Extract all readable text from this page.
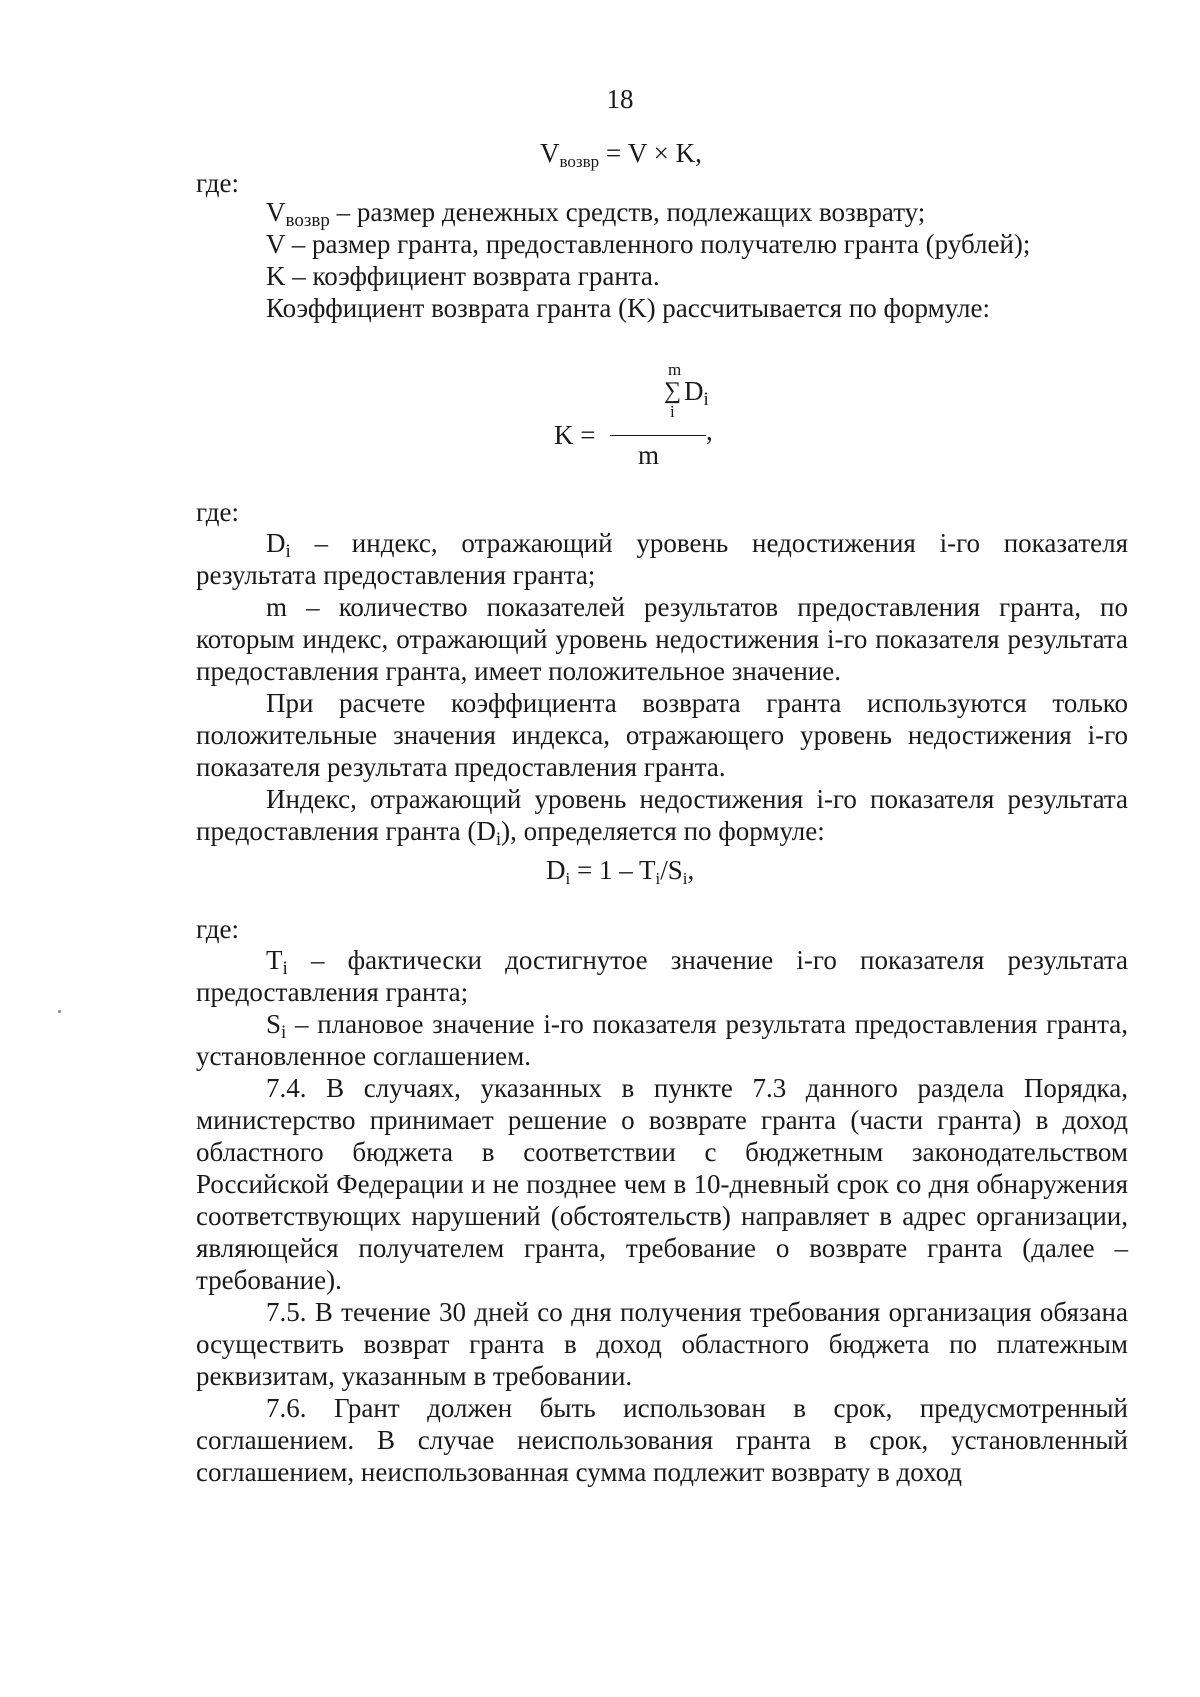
18
$V_{возвр} = V \times K$,
где:

$V_{возвр}$ – размер денежных средств, подлежащих возврату;

V – размер гранта, предоставленного получателю гранта (рублей);

K – коэффициент возврата гранта.

Коэффициент возврата гранта (K) рассчитывается по формуле:

m
∑ $D_i$
i
K =	,
m
где:

$D_i$ – индекс, отражающий уровень недостижения i-го показателя результата предоставления гранта;

m – количество показателей результатов предоставления гранта, по которым индекс, отражающий уровень недостижения i-го показателя результата предоставления гранта, имеет положительное значение.

При расчете коэффициента возврата гранта используются только положительные значения индекса, отражающего уровень недостижения i-го показателя результата предоставления гранта.

Индекс, отражающий уровень недостижения i-го показателя результата предоставления гранта $(D_i)$, определяется по формуле:

$D_i = 1 - T_i/S_i$,
где:

$T_i$ – фактически достигнутое значение i-го показателя результата предоставления гранта;

$S_i$ – плановое значение i-го показателя результата предоставления гранта, установленное соглашением.

7.4. В случаях, указанных в пункте 7.3 данного раздела Порядка, министерство принимает решение о возврате гранта (части гранта) в доход областного бюджета в соответствии с бюджетным законодательством Российской Федерации и не позднее чем в 10-дневный срок со дня обнаружения соответствующих нарушений (обстоятельств) направляет в адрес организации, являющейся получателем гранта, требование о возврате гранта (далее – требование).

7.5. В течение 30 дней со дня получения требования организация обязана осуществить возврат гранта в доход областного бюджета по платежным реквизитам, указанным в требовании.

7.6. Грант должен быть использован в срок, предусмотренный соглашением. В случае неиспользования гранта в срок, установленный соглашением, неиспользованная сумма подлежит возврату в доход
